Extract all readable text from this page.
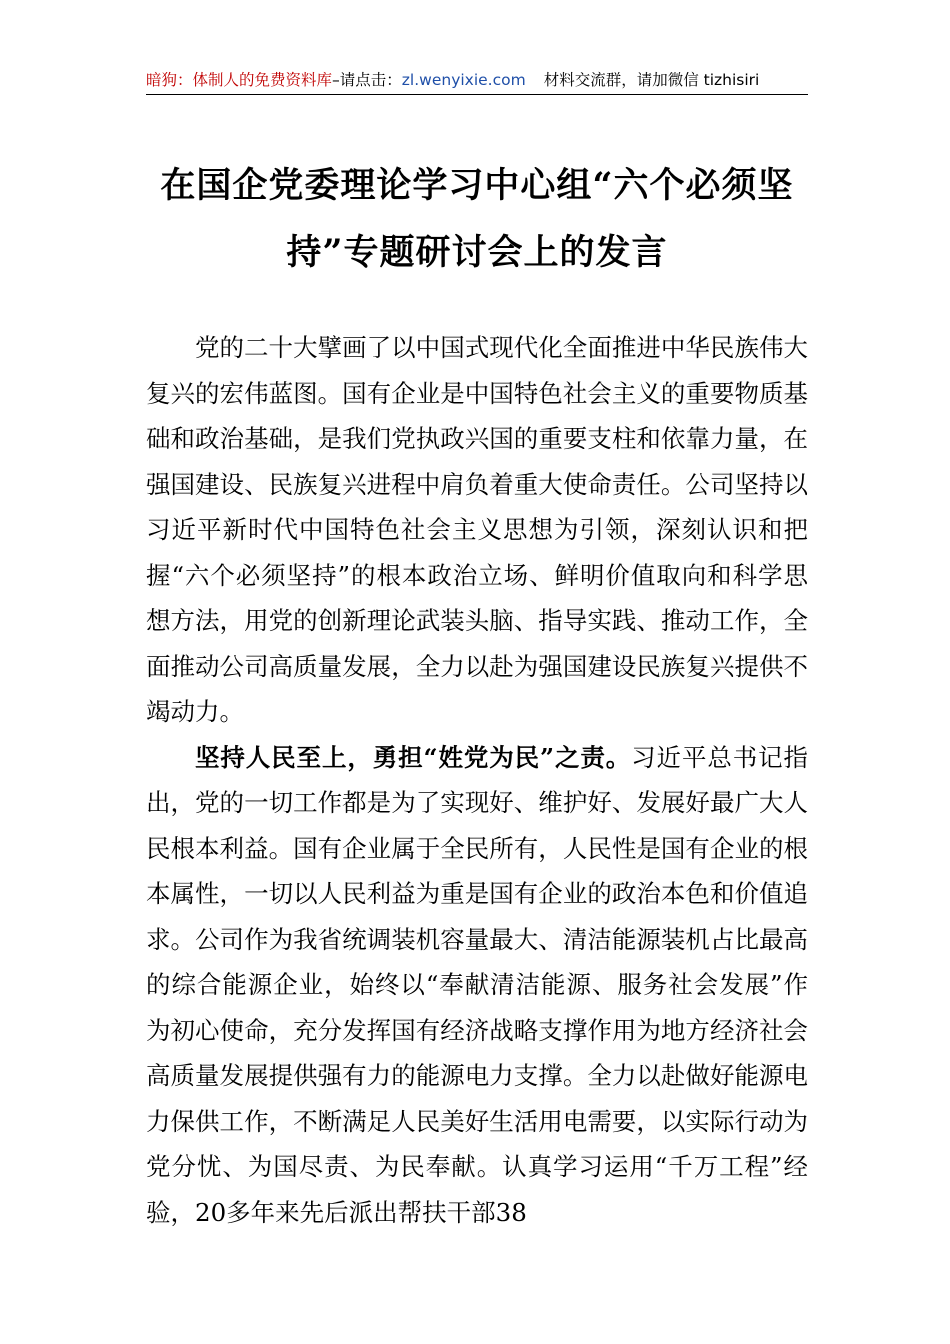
暗狗：体制人的免费资料库–请点击：zl.wenyixie.com 材料交流群，请加微信 tizhisiri
在国企党委理论学习中心组“六个必须坚
持”专题研讨会上的发言

党的二十大擘画了以中国式现代化全面推进中华民族伟大复兴的宏伟蓝图。国有企业是中国特色社会主义的重要物质基础和政治基础，是我们党执政兴国的重要支柱和依靠力量，在强国建设、民族复兴进程中肩负着重大使命责任。公司坚持以习近平新时代中国特色社会主义思想为引领，深刻认识和把握“六个必须坚持”的根本政治立场、鲜明价值取向和科学思想方法，用党的创新理论武装头脑、指导实践、推动工作，全面推动公司高质量发展，全力以赴为强国建设民族复兴提供不竭动力。

坚持人民至上，勇担“姓党为民”之责。习近平总书记指出，党的一切工作都是为了实现好、维护好、发展好最广大人民根本利益。国有企业属于全民所有，人民性是国有企业的根本属性，一切以人民利益为重是国有企业的政治本色和价值追求。公司作为我省统调装机容量最大、清洁能源装机占比最高的综合能源企业，始终以“奉献清洁能源、服务社会发展”作为初心使命，充分发挥国有经济战略支撑作用为地方经济社会高质量发展提供强有力的能源电力支撑。全力以赴做好能源电力保供工作，不断满足人民美好生活用电需要，以实际行动为党分忧、为国尽责、为民奉献。认真学习运用“千万工程”经验，20多年来先后派出帮扶干部38
